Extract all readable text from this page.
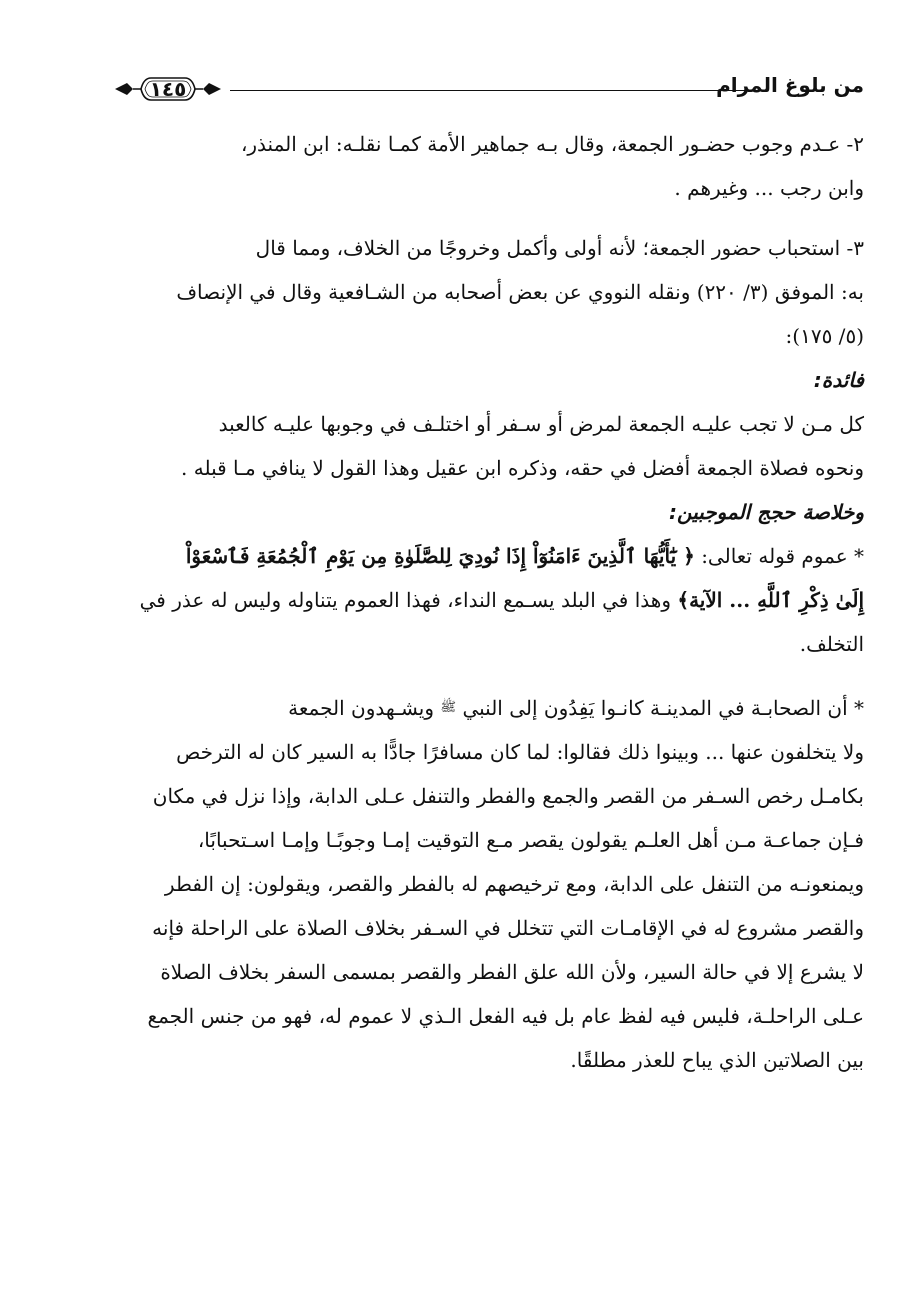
من بلوغ المرام
١٤٥

٢- عـدم وجوب حضـور الجمعة، وقال بـه جماهير الأمة كمـا نقلـه: ابن المنذر،
وابن رجب ... وغيرهم .

٣- استحباب حضور الجمعة؛ لأنه أولى وأكمل وخروجًا من الخلاف، ومما قال
به: الموفق (٣/ ٢٢٠) ونقله النووي عن بعض أصحابه من الشـافعية وقال في الإنصاف
(٥/ ١٧٥):

فائدة:

كل مـن لا تجب عليـه الجمعة لمرض أو سـفر أو اختلـف في وجوبها عليـه كالعبد
ونحوه فصلاة الجمعة أفضل في حقه، وذكره ابن عقيل وهذا القول لا ينافي مـا قبله .

وخلاصة حجج الموجبين:

* عموم قوله تعالى: ﴿ يَٰٓأَيُّهَا ٱلَّذِينَ ءَامَنُوٓاْ إِذَا نُودِيَ لِلصَّلَوٰةِ مِن يَوْمِ ٱلْجُمُعَةِ فَٱسْعَوْاْ
إِلَىٰ ذِكْرِ ٱللَّهِ ... الآية﴾ وهذا في البلد يسـمع النداء، فهذا العموم يتناوله وليس له عذر في
التخلف.

* أن الصحابـة في المدينـة كانـوا يَفِدُون إلى النبي $^ﷺ$ ويشـهدون الجمعة
ولا يتخلفون عنها ... وبينوا ذلك فقالوا: لما كان مسافرًا جادًّا به السير كان له الترخص
بكامـل رخص السـفر من القصر والجمع والفطر والتنفل عـلى الدابة، وإذا نزل في مكان
فـإن جماعـة مـن أهل العلـم يقولون يقصر مـع التوقيت إمـا وجوبًـا وإمـا اسـتحبابًا،
ويمنعونـه من التنفل على الدابة، ومع ترخيصهم له بالفطر والقصر، ويقولون: إن الفطر
والقصر مشروع له في الإقامـات التي تتخلل في السـفر بخلاف الصلاة على الراحلة فإنه
لا يشرع إلا في حالة السير، ولأن الله علق الفطر والقصر بمسمى السفر بخلاف الصلاة
عـلى الراحلـة، فليس فيه لفظ عام بل فيه الفعل الـذي لا عموم له، فهو من جنس الجمع
بين الصلاتين الذي يباح للعذر مطلقًا.
